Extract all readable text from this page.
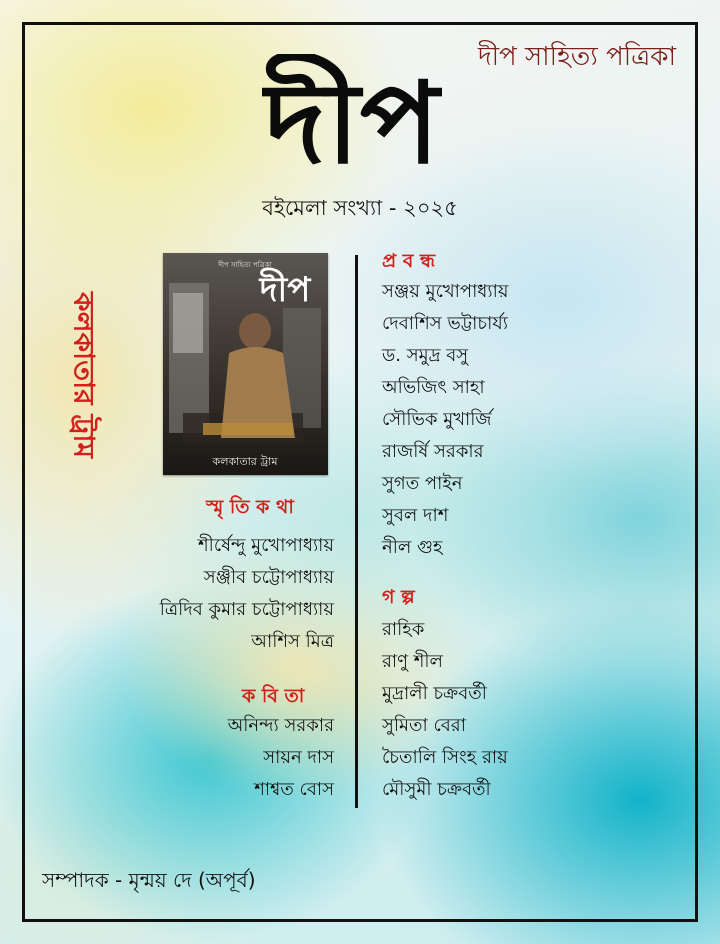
দীপ সাহিত্য পত্রিকা
দীপ
বইমেলা সংখ্যা - ২০২৫
কলকাতার ট্রাম
দীপ সাহিত্য পত্রিকা
দীপ
কলকাতার ট্রাম
স্মৃ তি ক থা
শীর্ষেন্দু মুখোপাধ্যায়
সঞ্জীব চট্টোপাধ্যায়
ত্রিদিব কুমার চট্টোপাধ্যায়
আশিস মিত্র
ক বি তা
অনিন্দ্য সরকার
সায়ন দাস
শাশ্বত বোস
প্র ব ন্ধ
সঞ্জয় মুখোপাধ্যায়
দেবাশিস ভট্টাচার্য্য
ড. সমুদ্র বসু
অভিজিৎ সাহা
সৌভিক মুখার্জি
রাজর্ষি সরকার
সুগত পাইন
সুবল দাশ
নীল গুহ
গ ল্প
রাহিক
রাণু শীল
মুদ্রালী চক্রবর্তী
সুমিতা বেরা
চৈতালি সিংহ রায়
মৌসুমী চক্রবর্তী
সম্পাদক - মৃন্ময় দে (অপূর্ব)
